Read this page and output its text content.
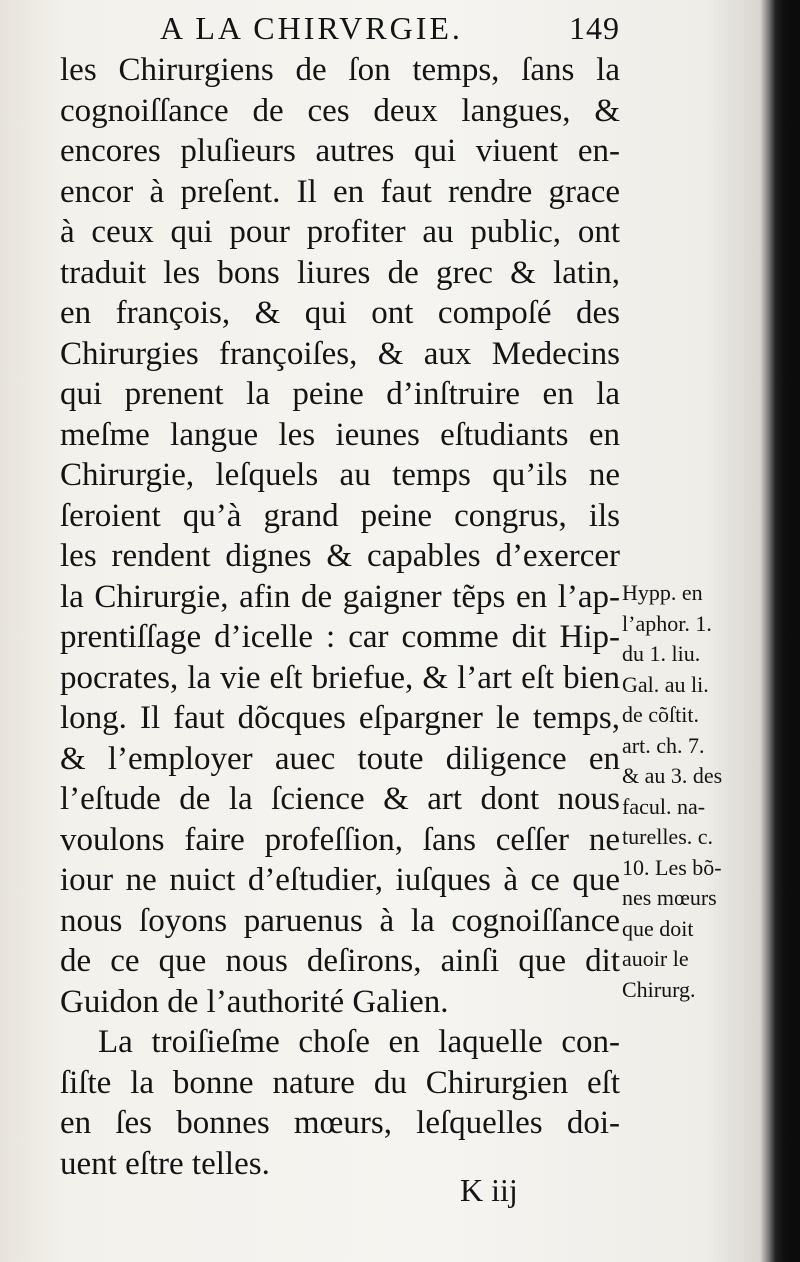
A LA CHIRVRGIE.	149
les Chirurgiens de ſon temps, ſans la
cognoiſſance de ces deux langues, &
encores pluſieurs autres qui viuent en-
encor à preſent. Il en faut rendre grace
à ceux qui pour profiter au public, ont
traduit les bons liures de grec & latin,
en françois, & qui ont compoſé des
Chirurgies françoiſes, & aux Medecins
qui prenent la peine d’inſtruire en la
meſme langue les ieunes eſtudiants en
Chirurgie, leſquels au temps qu’ils ne
ſeroient qu’à grand peine congrus, ils
les rendent dignes & capables d’exercer
la Chirurgie, afin de gaigner tẽps en l’ap-
prentiſſage d’icelle : car comme dit Hip-
pocrates, la vie eſt briefue, & l’art eſt bien
long. Il faut dõcques eſpargner le temps,
& l’employer auec toute diligence en
l’eſtude de la ſcience & art dont nous
voulons faire profeſſion, ſans ceſſer ne
iour ne nuict d’eſtudier, iuſques à ce que
nous ſoyons paruenus à la cognoiſſance
de ce que nous deſirons, ainſi que dit
Guidon de l’authorité Galien.
La troiſieſme choſe en laquelle con-
ſiſte la bonne nature du Chirurgien eſt
en ſes bonnes mœurs, leſquelles doi-
uent eſtre telles.
Hypp. en
l’aphor. 1.
du 1. liu.
Gal. au li.
de cõſtit.
art. ch. 7.
& au 3. des
facul. na-
turelles. c.
10. Les bõ-
nes mœurs
que doit
auoir le
Chirurg.
K iij
